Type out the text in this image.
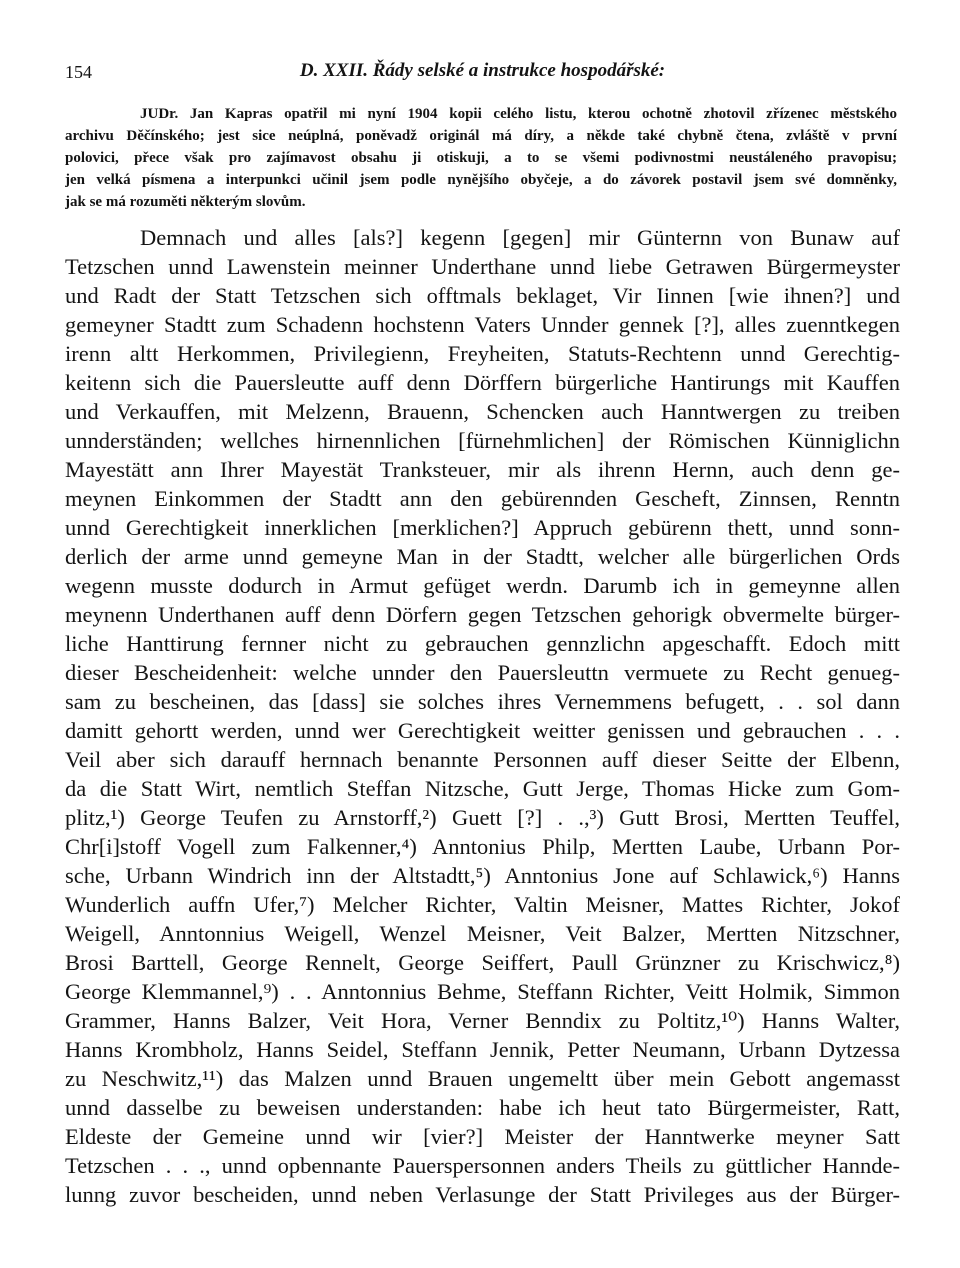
154	D. XXII. Řády selské a instrukce hospodářské:
JUDr. Jan Kapras opatřil mi nyní 1904 kopii celého listu, kterou ochotně zhotovil zřízenec městského
archivu Děčínského; jest sice neúplná, poněvadž originál má díry, a někde také chybně čtena, zvláště v první
polovici, přece však pro zajímavost obsahu ji otiskuji, a to se všemi podivnostmi neustáleného pravopisu;
jen velká písmena a interpunkci učinil jsem podle nynějšího obyčeje, a do závorek postavil jsem své domněnky,
jak se má rozuměti některým slovům.
Demnach und alles [als?] kegenn [gegen] mir Günternn von Bunaw auf
Tetzschen unnd Lawenstein meinner Underthane unnd liebe Getrawen Bürgermeyster
und Radt der Statt Tetzschen sich offtmals beklaget, Vir Iinnen [wie ihnen?] und
gemeyner Stadtt zum Schadenn hochstenn Vaters Unnder gennek [?], alles zuenntkegen
irenn altt Herkommen, Privilegienn, Freyheiten, Statuts-Rechtenn unnd Gerechtig-
keitenn sich die Pauersleutte auff denn Dörffern bürgerliche Hantirungs mit Kauffen
und Verkauffen, mit Melzenn, Brauenn, Schencken auch Hanntwergen zu treiben
unnderständen; wellches hirnennlichen [fürnehmlichen] der Römischen Künniglichn
Mayestätt ann Ihrer Mayestät Tranksteuer, mir als ihrenn Hernn, auch denn ge-
meynen Einkommen der Stadtt ann den gebürennden Gescheft, Zinnsen, Renntn
unnd Gerechtigkeit innerklichen [merklichen?] Appruch gebürenn thett, unnd sonn-
derlich der arme unnd gemeyne Man in der Stadtt, welcher alle bürgerlichen Ords
wegenn musste dodurch in Armut gefüget werdn. Darumb ich in gemeynne allen
meynenn Underthanen auff denn Dörfern gegen Tetzschen gehorigk obvermelte bürger-
liche Hanttirung fernner nicht zu gebrauchen gennzlichn apgeschafft. Edoch mitt
dieser Bescheidenheit: welche unnder den Pauersleuttn vermuete zu Recht genueg-
sam zu bescheinen, das [dass] sie solches ihres Vernemmens befugett, . . sol dann
damitt gehortt werden, unnd wer Gerechtigkeit weitter genissen und gebrauchen . . .
Veil aber sich darauff hernnach benannte Personnen auff dieser Seitte der Elbenn,
da die Statt Wirt, nemtlich Steffan Nitzsche, Gutt Jerge, Thomas Hicke zum Gom-
plitz,¹) George Teufen zu Arnstorff,²) Guett [?] . .,³) Gutt Brosi, Mertten Teuffel,
Chr[i]stoff Vogell zum Falkenner,⁴) Anntonius Philp, Mertten Laube, Urbann Por-
sche, Urbann Windrich inn der Altstadtt,⁵) Anntonius Jone auf Schlawick,⁶) Hanns
Wunderlich auffn Ufer,⁷) Melcher Richter, Valtin Meisner, Mattes Richter, Jokof
Weigell, Anntonnius Weigell, Wenzel Meisner, Veit Balzer, Mertten Nitzschner,
Brosi Barttell, George Rennelt, George Seiffert, Paull Grünzner zu Krischwicz,⁸)
George Klemmannel,⁹) . . Anntonnius Behme, Steffann Richter, Veitt Holmik, Simmon
Grammer, Hanns Balzer, Veit Hora, Verner Benndix zu Poltitz,¹⁰) Hanns Walter,
Hanns Krombholz, Hanns Seidel, Steffann Jennik, Petter Neumann, Urbann Dytzessa
zu Neschwitz,¹¹) das Malzen unnd Brauen ungemeltt über mein Gebott angemasst
unnd dasselbe zu beweisen understanden: habe ich heut tato Bürgermeister, Ratt,
Eldeste der Gemeine unnd wir [vier?] Meister der Hanntwerke meyner Satt
Tetzschen . . ., unnd opbennante Pauerspersonnen anders Theils zu güttlicher Hannde-
lunng zuvor bescheiden, unnd neben Verlasunge der Statt Privileges aus der Bürger-
